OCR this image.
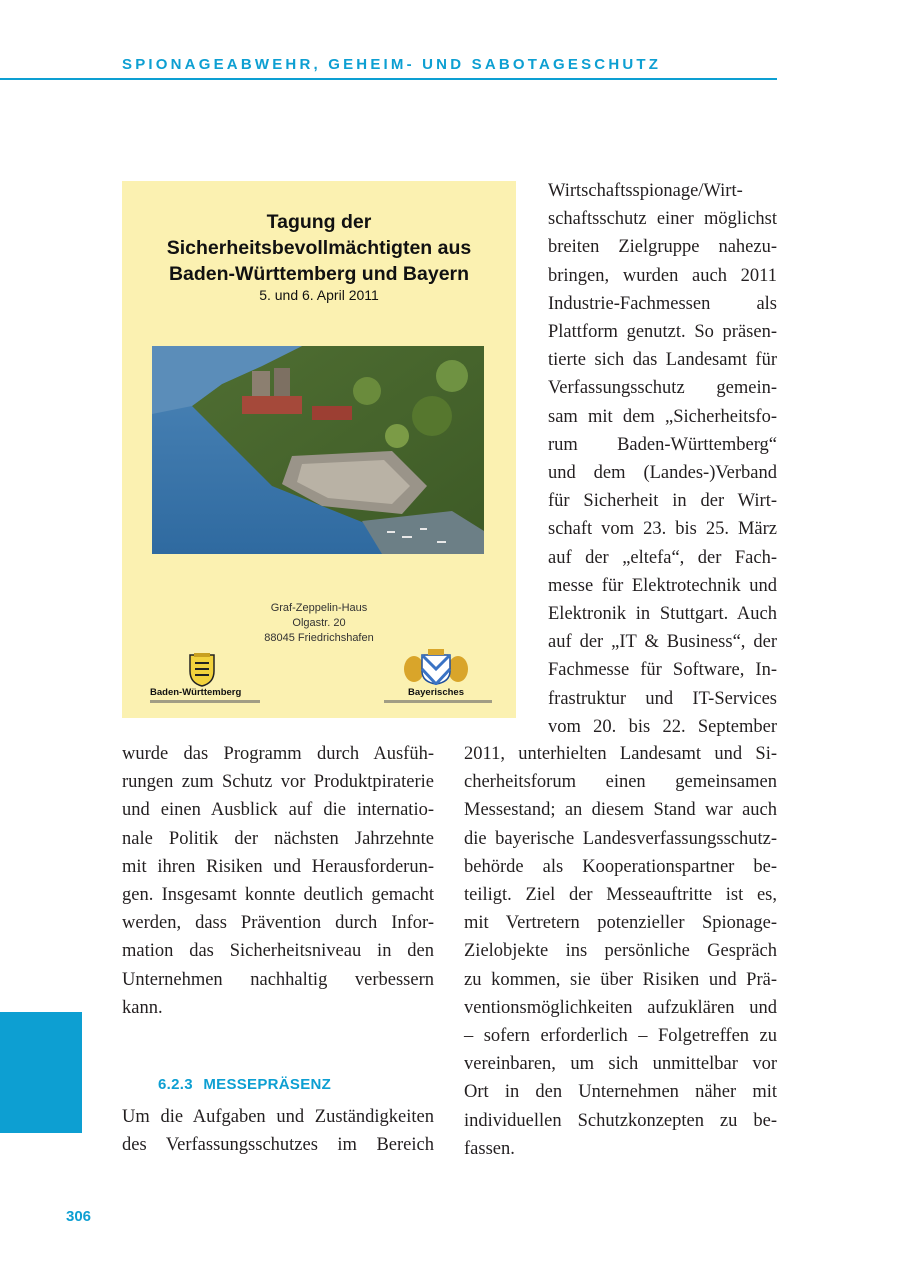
SPIONAGEABWEHR, GEHEIM- UND SABOTAGESCHUTZ
Tagung der
Sicherheitsbevollmächtigten aus
Baden-Württemberg und Bayern
5. und 6. April 2011
Graf-Zeppelin-Haus
Olgastr. 20
88045 Friedrichshafen
Baden-Württemberg	Bayerisches

Wirtschaftsspionage/Wirt-
schaftsschutz einer möglichst
breiten Zielgruppe nahezu-
bringen, wurden auch 2011
Industrie-Fachmessen als
Plattform genutzt. So präsen-
tierte sich das Landesamt für
Verfassungsschutz gemein-
sam mit dem „Sicherheitsfo-
rum Baden-Württemberg“
und dem (Landes-)Verband
für Sicherheit in der Wirt-
schaft vom 23. bis 25. März
auf der „eltefa“, der Fach-
messe für Elektrotechnik und
Elektronik in Stuttgart. Auch
auf der „IT & Business“, der
Fachmesse für Software, In-
frastruktur und IT-Services
vom 20. bis 22. September

2011, unterhielten Landesamt und Si-
cherheitsforum einen gemeinsamen
Messestand; an diesem Stand war auch
die bayerische Landesverfassungsschutz-
behörde als Kooperationspartner be-
teiligt. Ziel der Messeauftritte ist es,
mit Vertretern potenzieller Spionage-
Zielobjekte ins persönliche Gespräch
zu kommen, sie über Risiken und Prä-
ventionsmöglichkeiten aufzuklären und
– sofern erforderlich – Folgetreffen zu
vereinbaren, um sich unmittelbar vor
Ort in den Unternehmen näher mit
individuellen Schutzkonzepten zu be-
fassen.

wurde das Programm durch Ausfüh-
rungen zum Schutz vor Produktpiraterie
und einen Ausblick auf die internatio-
nale Politik der nächsten Jahrzehnte
mit ihren Risiken und Herausforderun-
gen. Insgesamt konnte deutlich gemacht
werden, dass Prävention durch Infor-
mation das Sicherheitsniveau in den
Unternehmen nachhaltig verbessern
kann.

6.2.3 MESSEPRÄSENZ

Um die Aufgaben und Zuständigkeiten
des Verfassungsschutzes im Bereich

306
